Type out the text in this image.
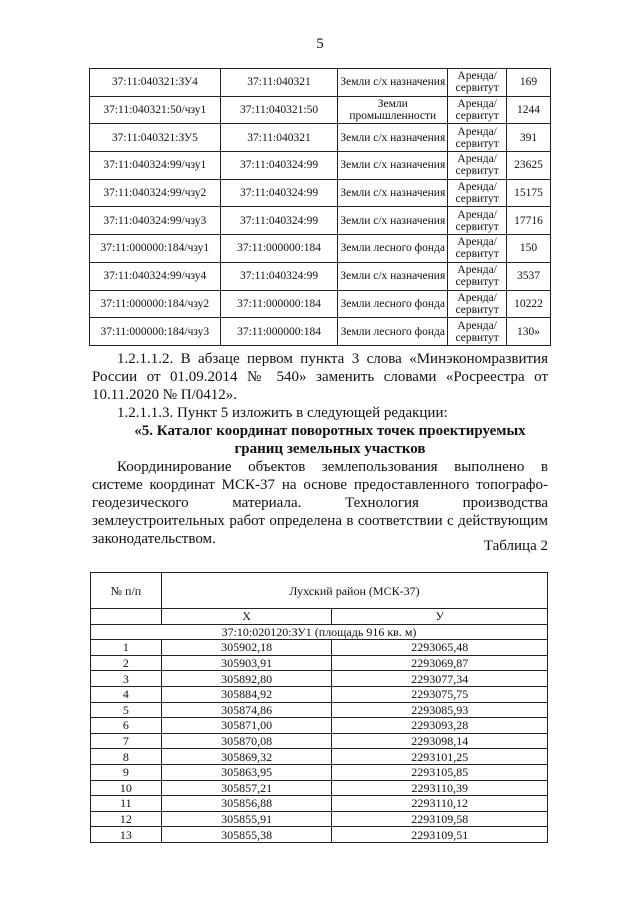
5
37:11:040321:ЗУ4	37:11:040321	Земли с/х назначения	Аренда/ сервитут	169
37:11:040321:50/чзу1	37:11:040321:50	Земли промышленности	Аренда/ сервитут	1244
37:11:040321:ЗУ5	37:11:040321	Земли с/х назначения	Аренда/ сервитут	391
37:11:040324:99/чзу1	37:11:040324:99	Земли с/х назначения	Аренда/ сервитут	23625
37:11:040324:99/чзу2	37:11:040324:99	Земли с/х назначения	Аренда/ сервитут	15175
37:11:040324:99/чзу3	37:11:040324:99	Земли с/х назначения	Аренда/ сервитут	17716
37:11:000000:184/чзу1	37:11:000000:184	Земли лесного фонда	Аренда/ сервитут	150
37:11:040324:99/чзу4	37:11:040324:99	Земли с/х назначения	Аренда/ сервитут	3537
37:11:000000:184/чзу2	37:11:000000:184	Земли лесного фонда	Аренда/ сервитут	10222
37:11:000000:184/чзу3	37:11:000000:184	Земли лесного фонда	Аренда/ сервитут	130»
1.2.1.1.2. В абзаце первом пункта 3 слова «Минэкономразвития России от 01.09.2014 № 540» заменить словами «Росреестра от 10.11.2020 № П/0412».
1.2.1.1.3. Пункт 5 изложить в следующей редакции:
«5. Каталог координат поворотных точек проектируемых границ земельных участков
Координирование объектов землепользования выполнено в системе координат МСК-37 на основе предоставленного топографо-геодезического материала. Технология производства землеустроительных работ определена в соответствии с действующим законодательством.	Таблица 2
№ п/п	Лухский район (МСК-37)	
	X	У
37:10:020120:ЗУ1 (площадь 916 кв. м)		
1	305902,18	2293065,48
2	305903,91	2293069,87
3	305892,80	2293077,34
4	305884,92	2293075,75
5	305874,86	2293085,93
6	305871,00	2293093,28
7	305870,08	2293098,14
8	305869,32	2293101,25
9	305863,95	2293105,85
10	305857,21	2293110,39
11	305856,88	2293110,12
12	305855,91	2293109,58
13	305855,38	2293109,51
